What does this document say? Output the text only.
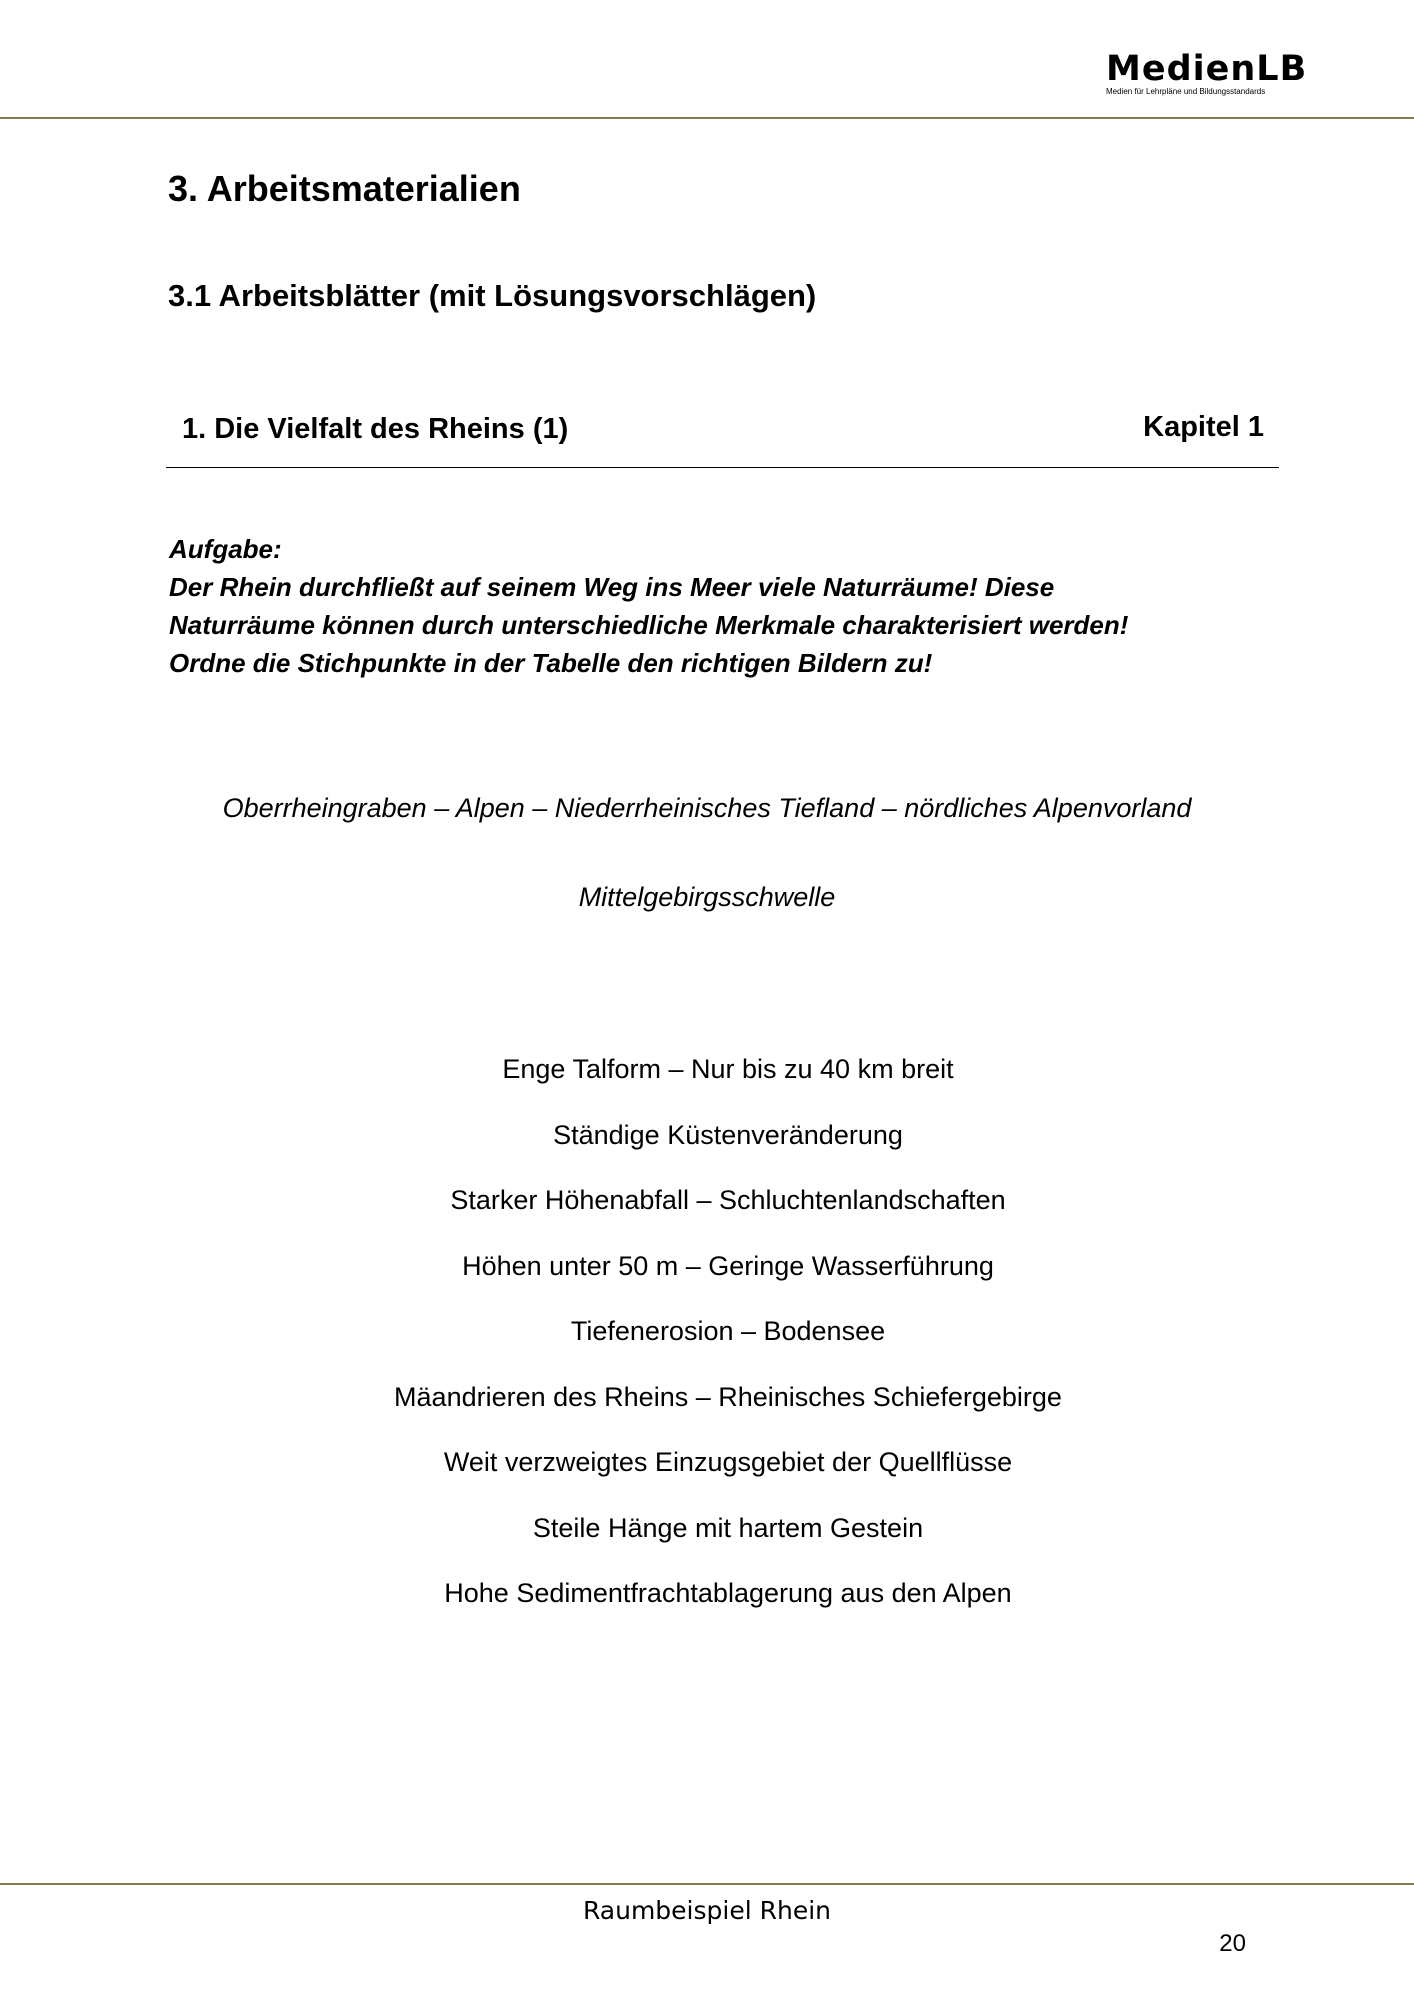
MedienLB
Medien für Lehrpläne und Bildungsstandards
3. Arbeitsmaterialien
3.1 Arbeitsblätter (mit Lösungsvorschlägen)
1. Die Vielfalt des Rheins (1)	Kapitel 1
Aufgabe:
Der Rhein durchfließt auf seinem Weg ins Meer viele Naturräume! Diese
Naturräume können durch unterschiedliche Merkmale charakterisiert werden!
Ordne die Stichpunkte in der Tabelle den richtigen Bildern zu!
Oberrheingraben – Alpen – Niederrheinisches Tiefland – nördliches Alpenvorland
Mittelgebirgsschwelle
Enge Talform – Nur bis zu 40 km breit
Ständige Küstenveränderung
Starker Höhenabfall – Schluchtenlandschaften
Höhen unter 50 m – Geringe Wasserführung
Tiefenerosion – Bodensee
Mäandrieren des Rheins – Rheinisches Schiefergebirge
Weit verzweigtes Einzugsgebiet der Quellflüsse
Steile Hänge mit hartem Gestein
Hohe Sedimentfrachtablagerung aus den Alpen
Raumbeispiel Rhein
20
